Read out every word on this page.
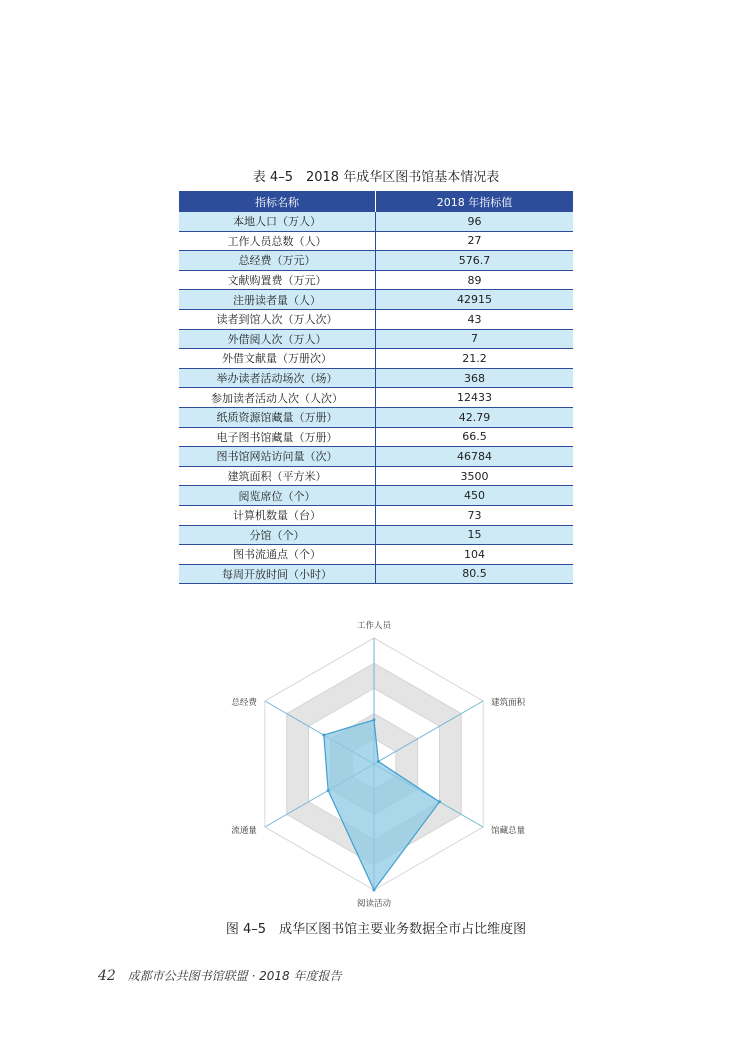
表 4–5　2018 年成华区图书馆基本情况表
指标名称	2018 年指标值
本地人口（万人）	96
工作人员总数（人）	27
总经费（万元）	576.7
文献购置费（万元）	89
注册读者量（人）	42915
读者到馆人次（万人次）	43
外借阅人次（万人）	7
外借文献量（万册次）	21.2
举办读者活动场次（场）	368
参加读者活动人次（人次）	12433
纸质资源馆藏量（万册）	42.79
电子图书馆藏量（万册）	66.5
图书馆网站访问量（次）	46784
建筑面积（平方米）	3500
阅览席位（个）	450
计算机数量（台）	73
分馆（个）	15
图书流通点（个）	104
每周开放时间（小时）	80.5
工作人员
建筑面积
馆藏总量
阅读活动
流通量
总经费
图 4–5　成华区图书馆主要业务数据全市占比维度图
42 成都市公共图书馆联盟 · 2018 年度报告
